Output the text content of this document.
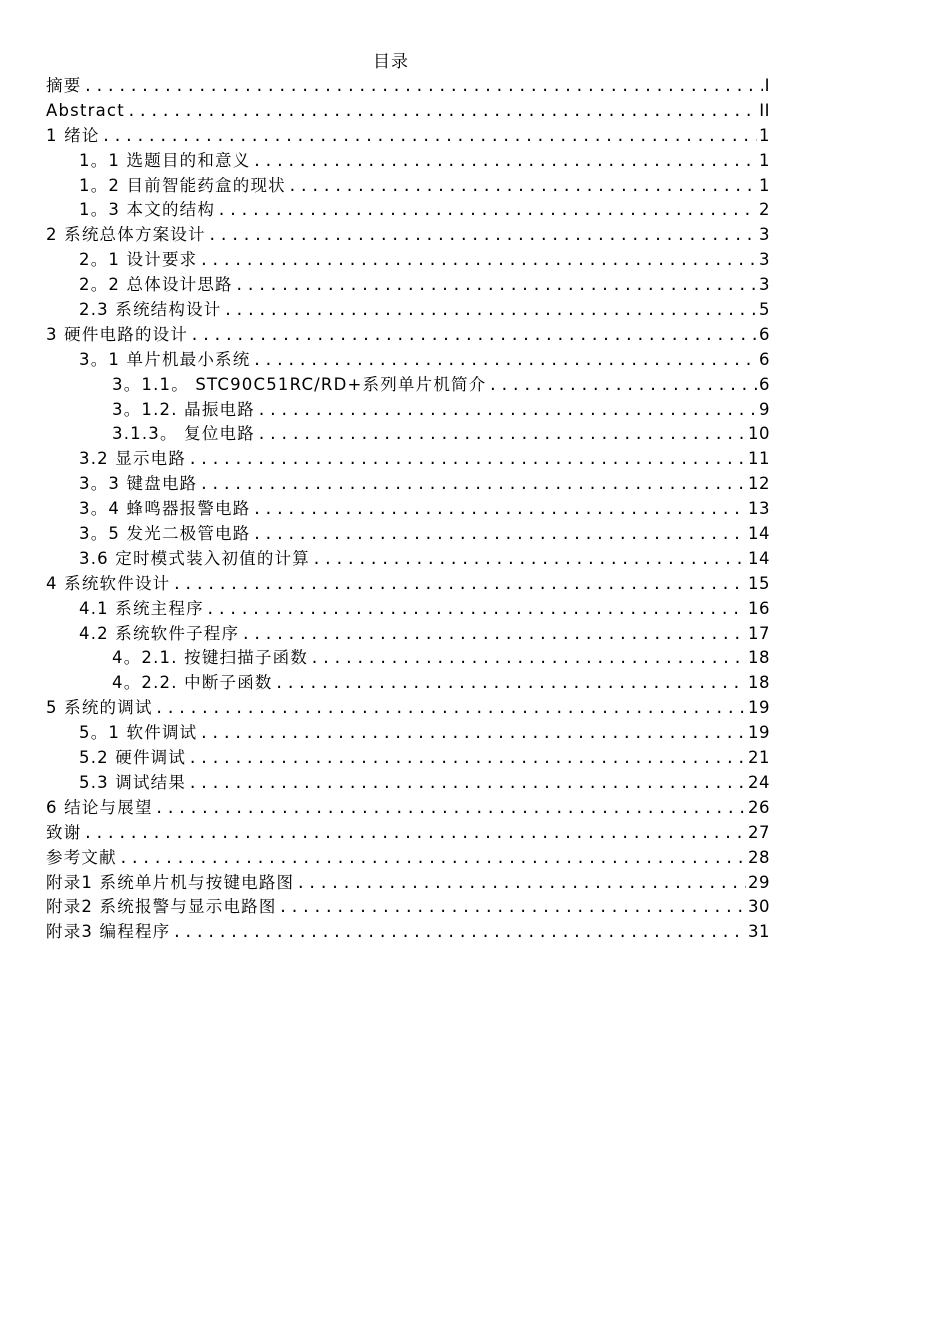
目录
摘要 .....	I
Abstract .....	II
1 绪论 .....	1
1。1 选题目的和意义 .....	1
1。2 目前智能药盒的现状 .....	1
1。3 本文的结构 .....	2
2 系统总体方案设计 .....	3
2。1 设计要求 .....	3
2。2 总体设计思路 .....	3
2.3 系统结构设计 .....	5
3 硬件电路的设计 .....	6
3。1 单片机最小系统 .....	6
3。1.1。 STC90C51RC/RD+系列单片机简介 .....	6
3。1.2. 晶振电路 .....	9
3.1.3。 复位电路 .....	10
3.2 显示电路 .....	11
3。3 键盘电路 .....	12
3。4 蜂鸣器报警电路 .....	13
3。5 发光二极管电路 .....	14
3.6 定时模式装入初值的计算 .....	14
4 系统软件设计 .....	15
4.1 系统主程序 .....	16
4.2 系统软件子程序 .....	17
4。2.1. 按键扫描子函数 .....	18
4。2.2. 中断子函数 .....	18
5 系统的调试 .....	19
5。1 软件调试 .....	19
5.2 硬件调试 .....	21
5.3 调试结果 .....	24
6 结论与展望 .....	26
致谢 .....	27
参考文献 .....	28
附录1 系统单片机与按键电路图 .....	29
附录2 系统报警与显示电路图 .....	30
附录3 编程程序 .....	31
